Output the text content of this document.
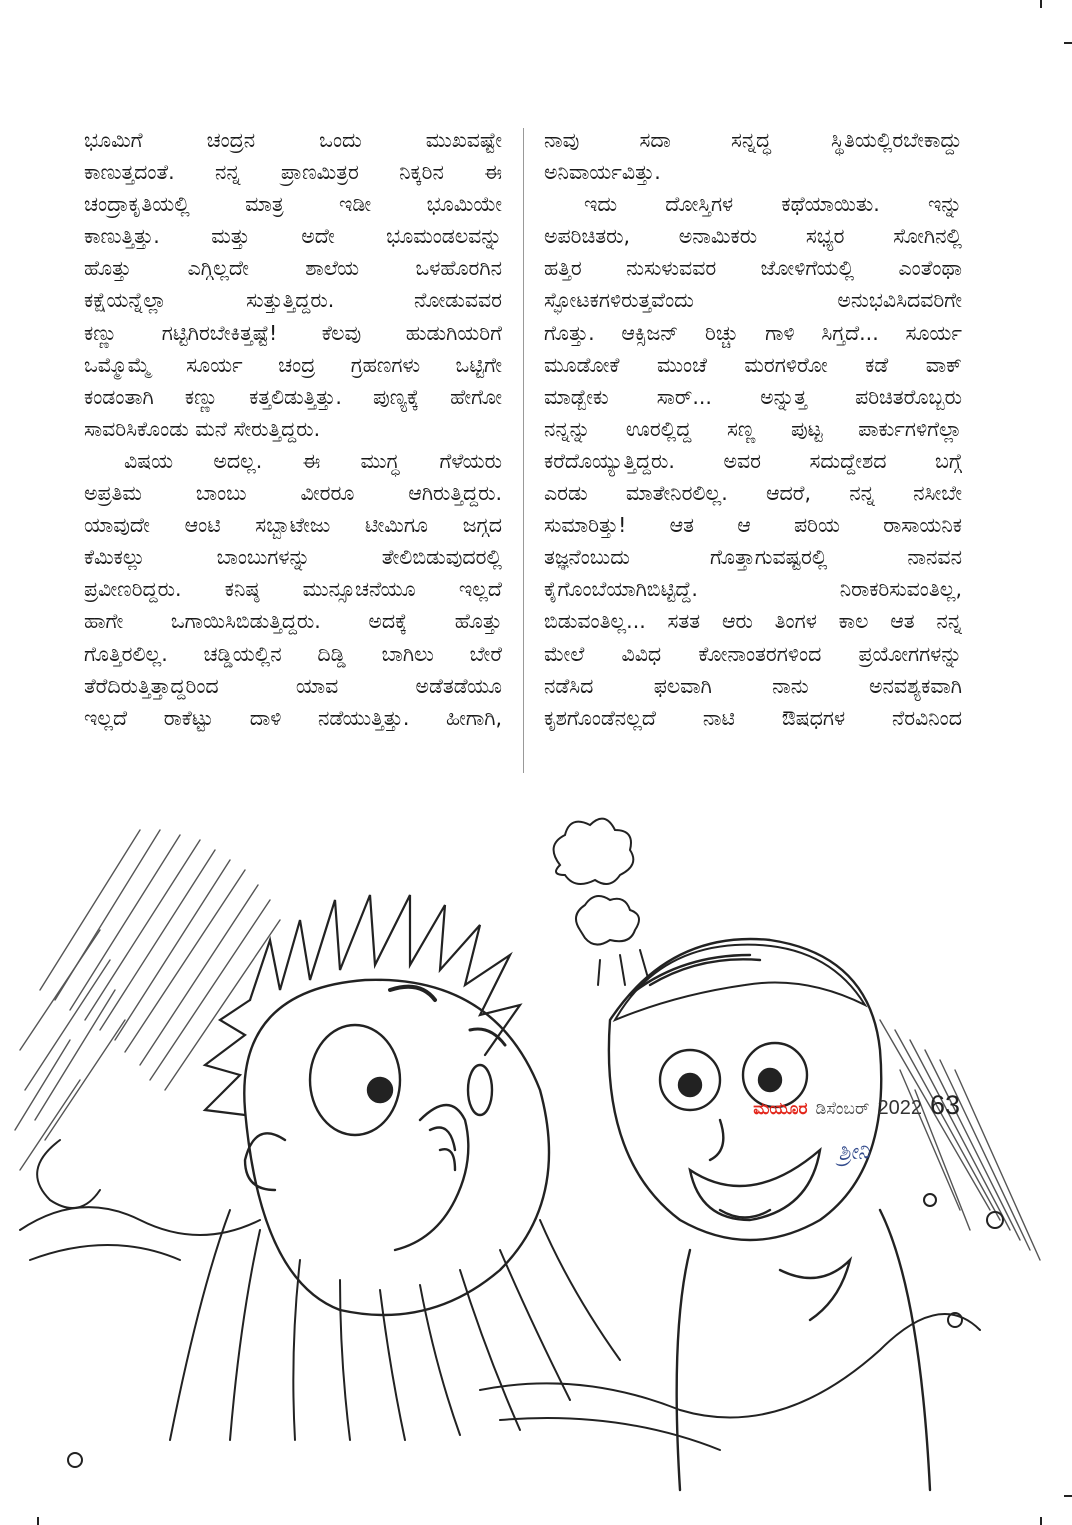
ಭೂಮಿಗೆ ಚಂದ್ರನ ಒಂದು ಮುಖವಷ್ಟೇ
ಕಾಣುತ್ತದಂತೆ. ನನ್ನ ಪ್ರಾಣಮಿತ್ರರ ನಿಕ್ಕರಿನ ಈ
ಚಂದ್ರಾಕೃತಿಯಲ್ಲಿ ಮಾತ್ರ ಇಡೀ ಭೂಮಿಯೇ
ಕಾಣುತ್ತಿತ್ತು. ಮತ್ತು ಅದೇ ಭೂಮಂಡಲವನ್ನು
ಹೊತ್ತು ಎಗ್ಗಿಲ್ಲದೇ ಶಾಲೆಯ ಒಳಹೊರಗಿನ
ಕಕ್ಷೆಯನ್ನೆಲ್ಲಾ ಸುತ್ತುತ್ತಿದ್ದರು. ನೋಡುವವರ
ಕಣ್ಣು ಗಟ್ಟಿಗಿರಬೇಕಿತ್ತಷ್ಟೆ! ಕೆಲವು ಹುಡುಗಿಯರಿಗೆ
ಒಮ್ಮೊಮ್ಮೆ ಸೂರ್ಯ ಚಂದ್ರ ಗ್ರಹಣಗಳು ಒಟ್ಟಿಗೇ
ಕಂಡಂತಾಗಿ ಕಣ್ಣು ಕತ್ತಲಿಡುತ್ತಿತ್ತು. ಪುಣ್ಯಕ್ಕೆ ಹೇಗೋ
ಸಾವರಿಸಿಕೊಂಡು ಮನೆ ಸೇರುತ್ತಿದ್ದರು.
ವಿಷಯ ಅದಲ್ಲ. ಈ ಮುಗ್ಧ ಗೆಳೆಯರು
ಅಪ್ರತಿಮ ಬಾಂಬು ವೀರರೂ ಆಗಿರುತ್ತಿದ್ದರು.
ಯಾವುದೇ ಆಂಟಿ ಸಬ್ಬಾಟೇಜು ಟೀಮಿಗೂ ಜಗ್ಗದ
ಕೆಮಿಕಲ್ಲು ಬಾಂಬುಗಳನ್ನು ತೇಲಿಬಿಡುವುದರಲ್ಲಿ
ಪ್ರವೀಣರಿದ್ದರು. ಕನಿಷ್ಠ ಮುನ್ಸೂಚನೆಯೂ ಇಲ್ಲದೆ
ಹಾಗೇ ಒಗಾಯಿಸಿಬಿಡುತ್ತಿದ್ದರು. ಅದಕ್ಕೆ ಹೊತ್ತು
ಗೊತ್ತಿರಲಿಲ್ಲ. ಚಡ್ಡಿಯಲ್ಲಿನ ದಿಡ್ಡಿ ಬಾಗಿಲು ಬೇರೆ
ತೆರೆದಿರುತ್ತಿತ್ತಾದ್ದರಿಂದ ಯಾವ ಅಡೆತಡೆಯೂ
ಇಲ್ಲದೆ ರಾಕೆಟ್ಟು ದಾಳಿ ನಡೆಯುತ್ತಿತ್ತು. ಹೀಗಾಗಿ,
ನಾವು ಸದಾ ಸನ್ನದ್ಧ ಸ್ಥಿತಿಯಲ್ಲಿರಬೇಕಾದ್ದು
ಅನಿವಾರ್ಯವಿತ್ತು.
ಇದು ದೋಸ್ತಿಗಳ ಕಥೆಯಾಯಿತು. ಇನ್ನು
ಅಪರಿಚಿತರು, ಅನಾಮಿಕರು ಸಭ್ಯರ ಸೋಗಿನಲ್ಲಿ
ಹತ್ತಿರ ನುಸುಳುವವರ ಜೋಳಿಗೆಯಲ್ಲಿ ಎಂತೆಂಥಾ
ಸ್ಫೋಟಕಗಳಿರುತ್ತವೆಂದು ಅನುಭವಿಸಿದವರಿಗೇ
ಗೊತ್ತು. ಆಕ್ಸಿಜನ್ ರಿಚ್ಚು ಗಾಳಿ ಸಿಗ್ತದೆ... ಸೂರ್ಯ
ಮೂಡೋಕೆ ಮುಂಚೆ ಮರಗಳಿರೋ ಕಡೆ ವಾಕ್
ಮಾಡ್ಬೇಕು ಸಾರ್... ಅನ್ನುತ್ತ ಪರಿಚಿತರೊಬ್ಬರು
ನನ್ನನ್ನು ಊರಲ್ಲಿದ್ದ ಸಣ್ಣ ಪುಟ್ಟ ಪಾರ್ಕುಗಳಿಗೆಲ್ಲಾ
ಕರೆದೊಯ್ಯುತ್ತಿದ್ದರು. ಅವರ ಸದುದ್ದೇಶದ ಬಗ್ಗೆ
ಎರಡು ಮಾತೇನಿರಲಿಲ್ಲ. ಆದರೆ, ನನ್ನ ನಸೀಬೇ
ಸುಮಾರಿತ್ತು! ಆತ ಆ ಪರಿಯ ರಾಸಾಯನಿಕ
ತಜ್ಞನೆಂಬುದು ಗೊತ್ತಾಗುವಷ್ಟರಲ್ಲಿ ನಾನವನ
ಕೈಗೊಂಬೆಯಾಗಿಬಿಟ್ಟಿದ್ದೆ. ನಿರಾಕರಿಸುವಂತಿಲ್ಲ,
ಬಿಡುವಂತಿಲ್ಲ... ಸತತ ಆರು ತಿಂಗಳ ಕಾಲ ಆತ ನನ್ನ
ಮೇಲೆ ವಿವಿಧ ಕೋನಾಂತರಗಳಿಂದ ಪ್ರಯೋಗಗಳನ್ನು
ನಡೆಸಿದ ಫಲವಾಗಿ ನಾನು ಅನವಶ್ಯಕವಾಗಿ
ಕೃಶಗೊಂಡೆನಲ್ಲದೆ ನಾಟಿ ಔಷಧಗಳ ನೆರವಿನಿಂದ
ಮಯೂರ ಡಿಸೆಂಬರ್ 2022 63
ಶ್ರೀನಿ
